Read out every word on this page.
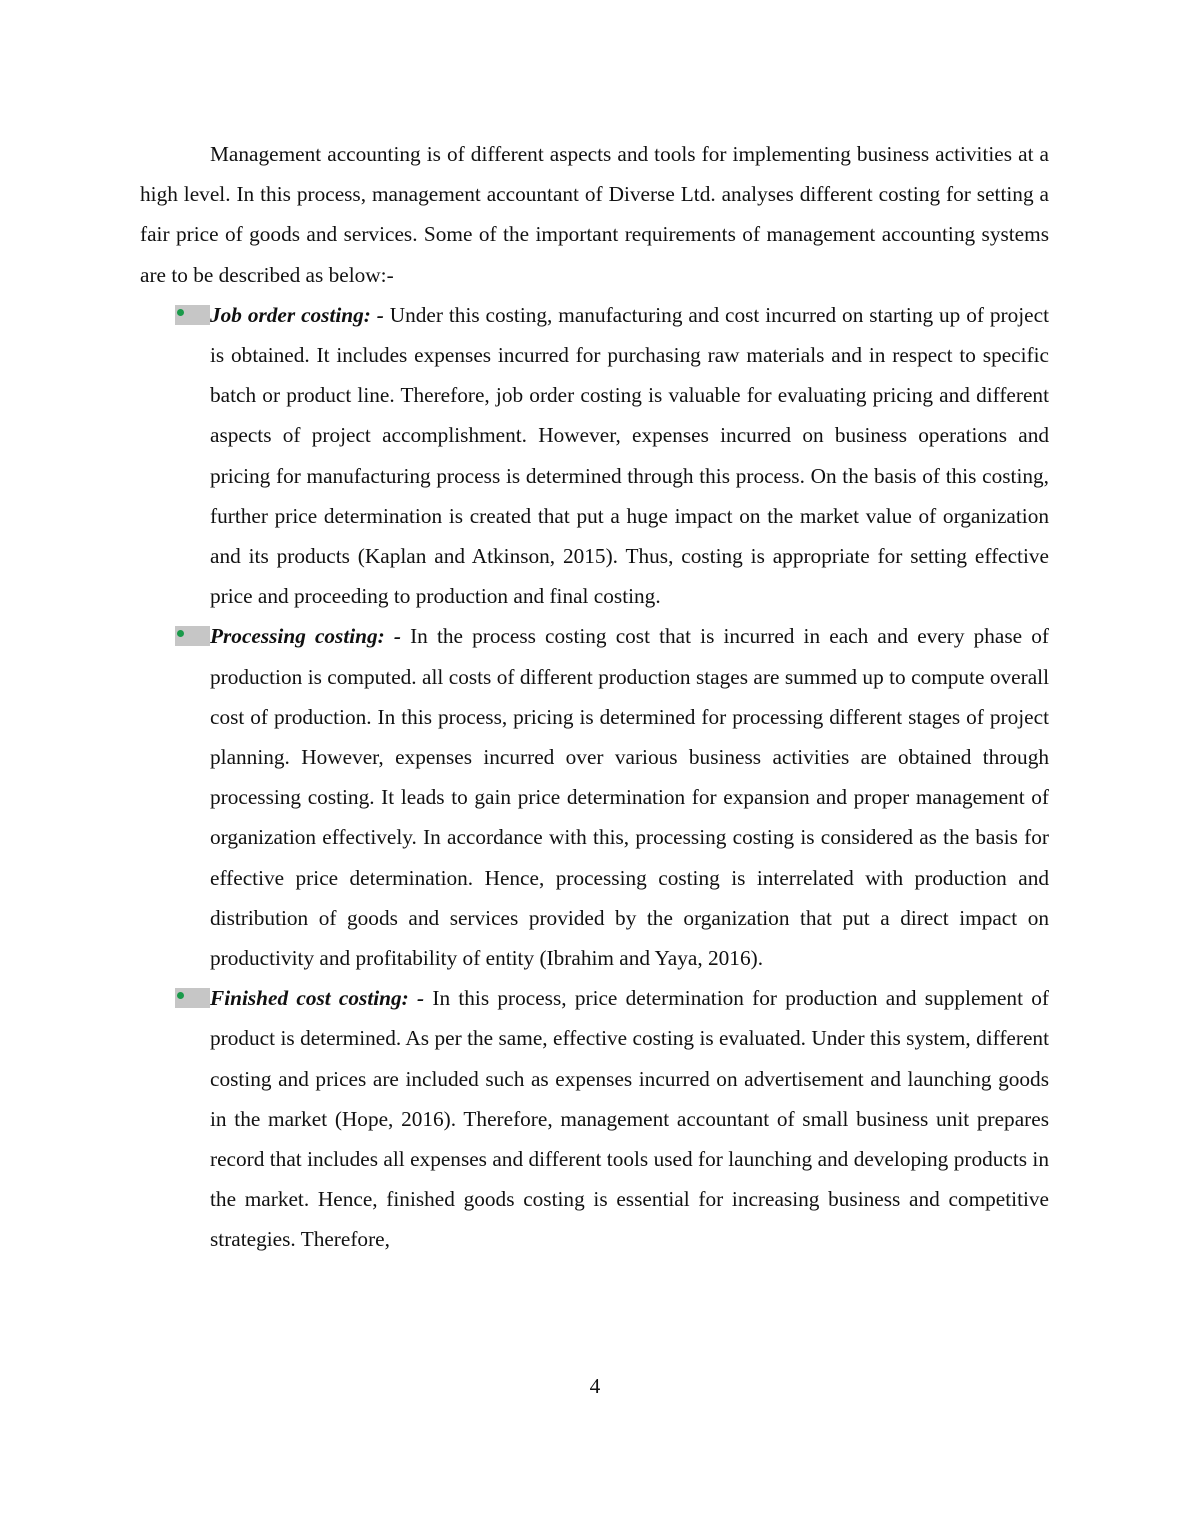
Management accounting is of different aspects and tools for implementing business activities at a high level. In this process, management accountant of Diverse Ltd. analyses different costing for setting a fair price of goods and services. Some of the important requirements of management accounting systems are to be described as below:-

Job order costing: - Under this costing, manufacturing and cost incurred on starting up of project is obtained. It includes expenses incurred for purchasing raw materials and in respect to specific batch or product line. Therefore, job order costing is valuable for evaluating pricing and different aspects of project accomplishment. However, expenses incurred on business operations and pricing for manufacturing process is determined through this process. On the basis of this costing, further price determination is created that put a huge impact on the market value of organization and its products (Kaplan and Atkinson, 2015). Thus, costing is appropriate for setting effective price and proceeding to production and final costing.
Processing costing: - In the process costing cost that is incurred in each and every phase of production is computed. all costs of different production stages are summed up to compute overall cost of production. In this process, pricing is determined for processing different stages of project planning. However, expenses incurred over various business activities are obtained through processing costing. It leads to gain price determination for expansion and proper management of organization effectively. In accordance with this, processing costing is considered as the basis for effective price determination. Hence, processing costing is interrelated with production and distribution of goods and services provided by the organization that put a direct impact on productivity and profitability of entity (Ibrahim and Yaya, 2016).
Finished cost costing: - In this process, price determination for production and supplement of product is determined. As per the same, effective costing is evaluated. Under this system, different costing and prices are included such as expenses incurred on advertisement and launching goods in the market (Hope, 2016). Therefore, management accountant of small business unit prepares record that includes all expenses and different tools used for launching and developing products in the market. Hence, finished goods costing is essential for increasing business and competitive strategies. Therefore,
4
